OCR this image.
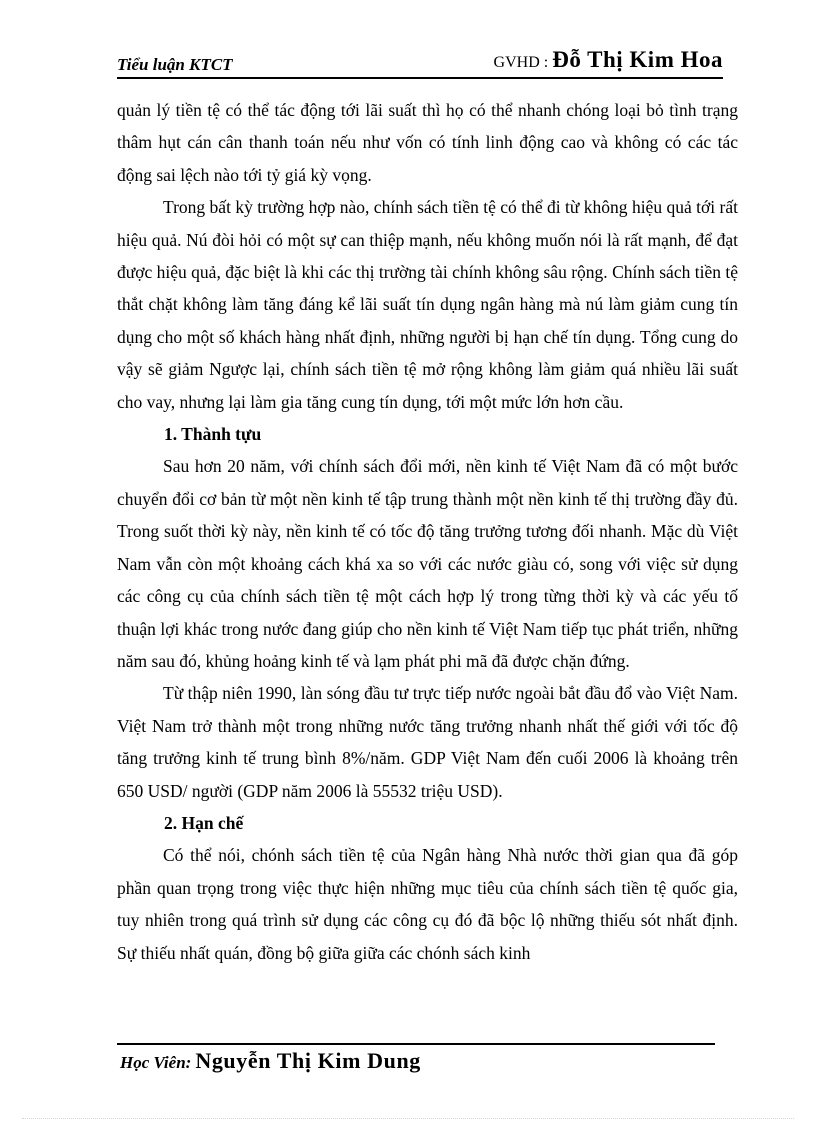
Tiểu luận KTCT	GVHD : Đỗ Thị Kim Hoa

quản lý tiền tệ có thể tác động tới lãi suất thì họ có thể nhanh chóng loại bỏ tình trạng thâm hụt cán cân thanh toán nếu như vốn có tính linh động cao và không có các tác động sai lệch nào tới tỷ giá kỳ vọng.

Trong bất kỳ trường hợp nào, chính sách tiền tệ có thể đi từ không hiệu quả tới rất hiệu quả. Nú đòi hỏi có một sự can thiệp mạnh, nếu không muốn nói là rất mạnh, để đạt được hiệu quả, đặc biệt là khi các thị trường tài chính không sâu rộng. Chính sách tiền tệ thắt chặt không làm tăng đáng kể lãi suất tín dụng ngân hàng mà nú làm giảm cung tín dụng cho một số khách hàng nhất định, những người bị hạn chế tín dụng. Tổng cung do vậy sẽ giảm Ngược lại, chính sách tiền tệ mở rộng không làm giảm quá nhiều lãi suất cho vay, nhưng lại làm gia tăng cung tín dụng, tới một mức lớn hơn cầu.

1. Thành tựu

Sau hơn 20 năm, với chính sách đổi mới, nền kinh tế Việt Nam đã có một bước chuyển đổi cơ bản từ một nền kinh tế tập trung thành một nền kinh tế thị trường đầy đủ. Trong suốt thời kỳ này, nền kinh tế có tốc độ tăng trưởng tương đối nhanh. Mặc dù Việt Nam vẫn còn một khoảng cách khá xa so với các nước giàu có, song với việc sử dụng các công cụ của chính sách tiền tệ một cách hợp lý trong từng thời kỳ và các yếu tố thuận lợi khác trong nước đang giúp cho nền kinh tế Việt Nam tiếp tục phát triển, những năm sau đó, khủng hoảng kinh tế và lạm phát phi mã đã được chặn đứng.

Từ thập niên 1990, làn sóng đầu tư trực tiếp nước ngoài bắt đầu đổ vào Việt Nam. Việt Nam trở thành một trong những nước tăng trưởng nhanh nhất thế giới với tốc độ tăng trưởng kinh tế trung bình 8%/năm. GDP Việt Nam đến cuối 2006 là khoảng trên 650 USD/ người (GDP năm 2006 là 55532 triệu USD).

2. Hạn chế

Có thể nói, chónh sách tiền tệ của Ngân hàng Nhà nước thời gian qua đã góp phần quan trọng trong việc thực hiện những mục tiêu của chính sách tiền tệ quốc gia, tuy nhiên trong quá trình sử dụng các công cụ đó đã bộc lộ những thiếu sót nhất định. Sự thiếu nhất quán, đồng bộ giữa giữa các chónh sách kinh

Học Viên: Nguyễn Thị Kim Dung
